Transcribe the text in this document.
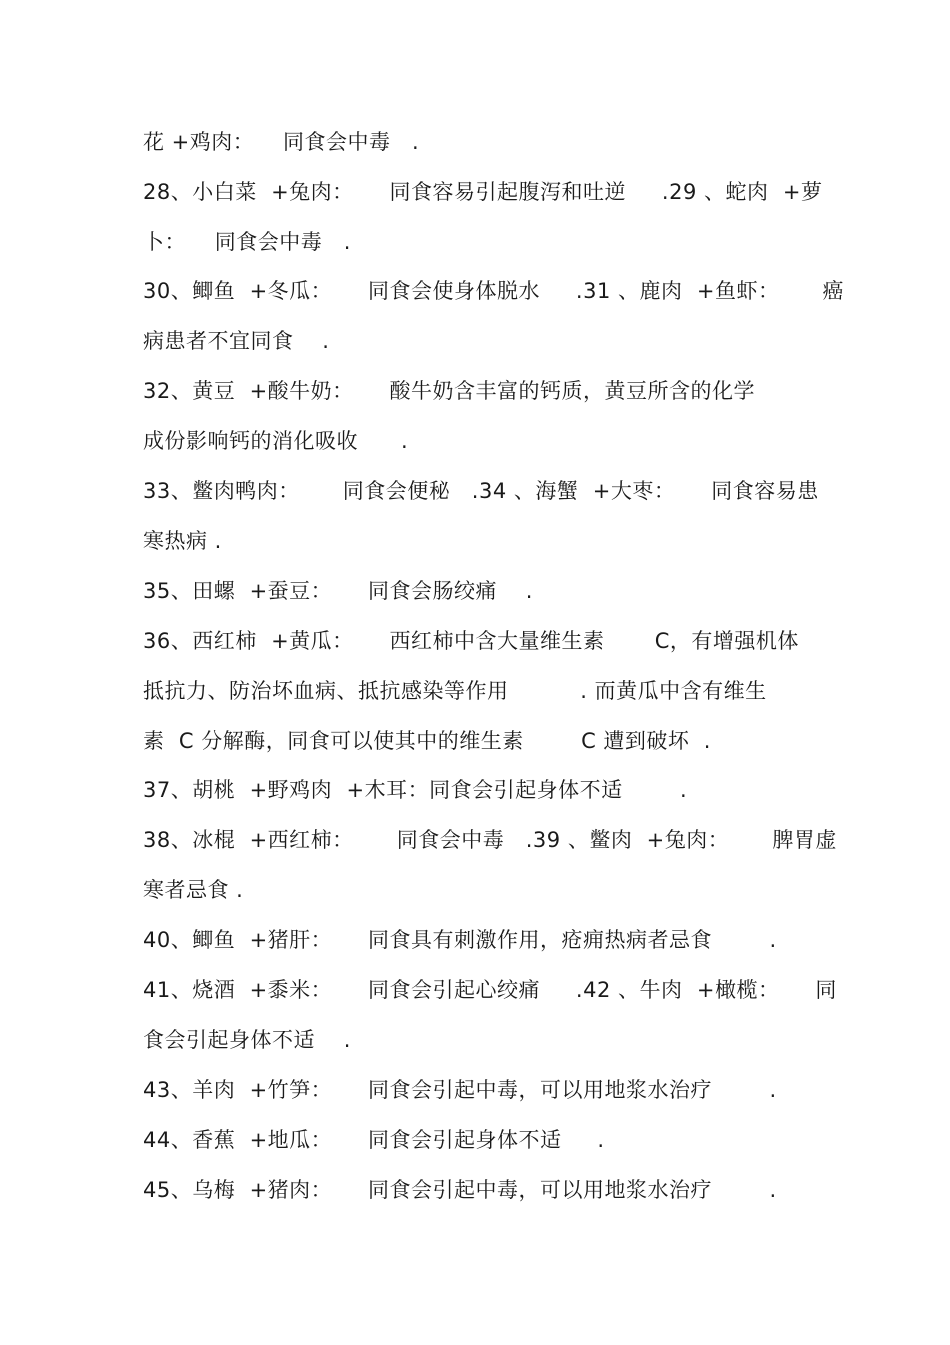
花 +鸡肉：    同食会中毒   .
28、小白菜  +兔肉：     同食容易引起腹泻和吐逆     .29 、蛇肉  +萝
卜：    同食会中毒   .
30、鲫鱼  +冬瓜：     同食会使身体脱水     .31 、鹿肉  +鱼虾：      癌
病患者不宜同食    .
32、黄豆  +酸牛奶：     酸牛奶含丰富的钙质，黄豆所含的化学
成份影响钙的消化吸收      .
33、鳖肉鸭肉：      同食会便秘   .34 、海蟹  +大枣：     同食容易患
寒热病 .
35、田螺  +蚕豆：     同食会肠绞痛    .
36、西红柿  +黄瓜：     西红柿中含大量维生素       C，有增强机体
抵抗力、防治坏血病、抵抗感染等作用          . 而黄瓜中含有维生
素  C 分解酶，同食可以使其中的维生素        C 遭到破坏  .
37、胡桃  +野鸡肉  +木耳：同食会引起身体不适        .
38、冰棍  +西红柿：      同食会中毒   .39 、鳖肉  +兔肉：      脾胃虚
寒者忌食 .
40、鲫鱼  +猪肝：     同食具有刺激作用，疮痈热病者忌食        .
41、烧酒  +黍米：     同食会引起心绞痛     .42 、牛肉  +橄榄：     同
食会引起身体不适    .
43、羊肉  +竹笋：     同食会引起中毒，可以用地浆水治疗        .
44、香蕉  +地瓜：     同食会引起身体不适     .
45、乌梅  +猪肉：     同食会引起中毒，可以用地浆水治疗        .
